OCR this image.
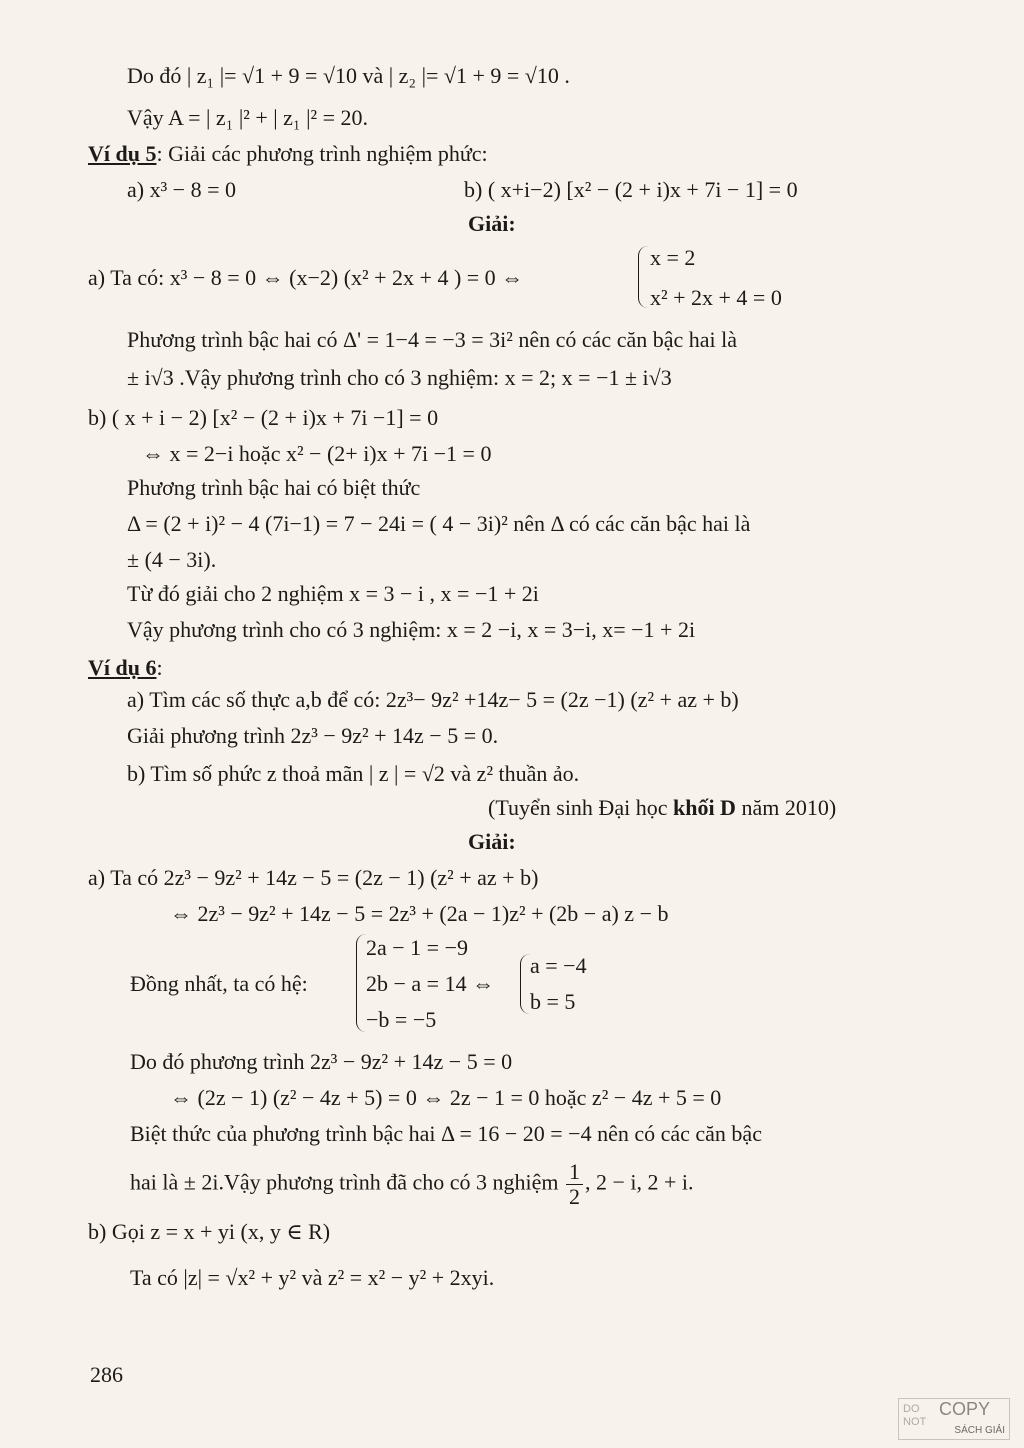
Do đó | z₁ |= √1 + 9 = √10 và | z₂ |= √1 + 9 = √10 .
Vậy A = | z₁ |² + | z₁ |² = 20.
Ví dụ 5: Giải các phương trình nghiệm phức:
a) x³ − 8 = 0	b) ( x+i−2) [x² − (2 + i)x + 7i − 1] = 0
Giải:
a) Ta có: x³ − 8 = 0 ⇔ (x−2) (x² + 2x + 4 ) = 0 ⇔
x = 2
x² + 2x + 4 = 0
Phương trình bậc hai có Δ' = 1−4 = −3 = 3i² nên có các căn bậc hai là
± i√3 .Vậy phương trình cho có 3 nghiệm: x = 2; x = −1 ± i√3
b) ( x + i − 2) [x² − (2 + i)x + 7i −1] = 0
⇔ x = 2−i hoặc x² − (2+ i)x + 7i −1 = 0
Phương trình bậc hai có biệt thức
Δ = (2 + i)² − 4 (7i−1) = 7 − 24i = ( 4 − 3i)² nên Δ có các căn bậc hai là
± (4 − 3i).
Từ đó giải cho 2 nghiệm x = 3 − i , x = −1 + 2i
Vậy phương trình cho có 3 nghiệm: x = 2 −i, x = 3−i, x= −1 + 2i
Ví dụ 6:
a) Tìm các số thực a,b để có: 2z³− 9z² +14z− 5 = (2z −1) (z² + az + b)
Giải phương trình 2z³ − 9z² + 14z − 5 = 0.
b) Tìm số phức z thoả mãn | z | = √2 và z² thuần ảo.
(Tuyển sinh Đại học khối D năm 2010)
Giải:
a) Ta có 2z³ − 9z² + 14z − 5 = (2z − 1) (z² + az + b)
⇔ 2z³ − 9z² + 14z − 5 = 2z³ + (2a − 1)z² + (2b − a) z − b
Đồng nhất, ta có hệ:
2a − 1 = −9
2b − a = 14 ⇔
−b = −5
a = −4
b = 5
Do đó phương trình 2z³ − 9z² + 14z − 5 = 0
⇔ (2z − 1) (z² − 4z + 5) = 0 ⇔ 2z − 1 = 0 hoặc z² − 4z + 5 = 0
Biệt thức của phương trình bậc hai Δ = 16 − 20 = −4 nên có các căn bậc
hai là ± 2i.Vậy phương trình đã cho có 3 nghiệm $\frac{1}{2}$ , 2 − i, 2 + i.
b) Gọi z = x + yi (x, y ∈ R)
Ta có |z| = √x² + y² và z² = x² − y² + 2xyi.
286
DO
NOT
COPY
SÁCH GIẢI
